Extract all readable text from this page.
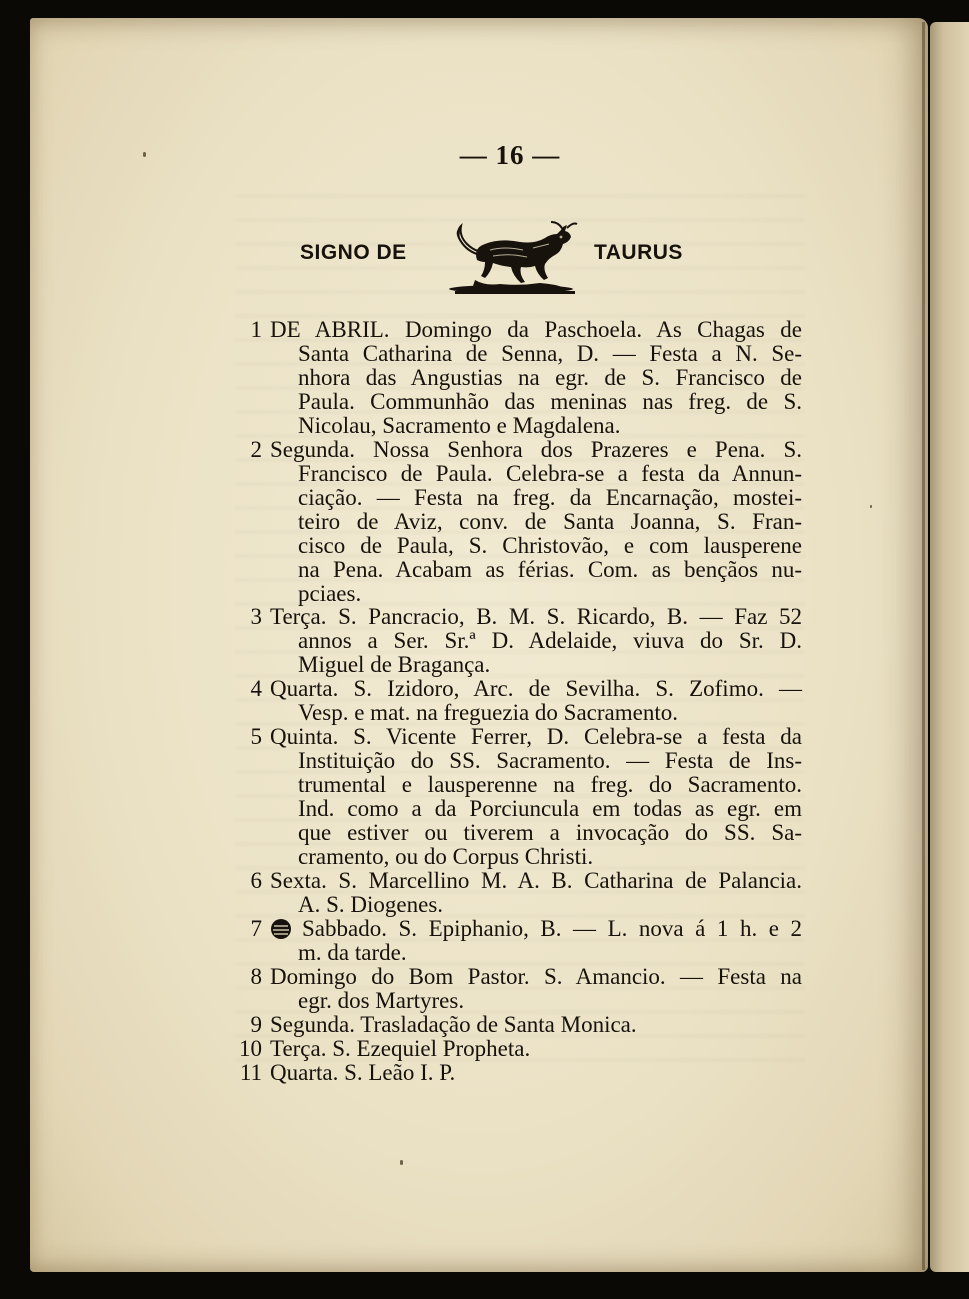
— 16 —
SIGNO DE	TAURUS
1 DE ABRIL. Domingo da Paschoela. As Chagas de
Santa Catharina de Senna, D. — Festa a N. Se-
nhora das Angustias na egr. de S. Francisco de
Paula. Communhão das meninas nas freg. de S.
Nicolau, Sacramento e Magdalena.
2 Segunda. Nossa Senhora dos Prazeres e Pena. S.
Francisco de Paula. Celebra-se a festa da Annun-
ciação. — Festa na freg. da Encarnação, mostei-
teiro de Aviz, conv. de Santa Joanna, S. Fran-
cisco de Paula, S. Christovão, e com lausperene
na Pena. Acabam as férias. Com. as bençãos nu-
pciaes.
3 Terça. S. Pancracio, B. M. S. Ricardo, B. — Faz 52
annos a Ser. Sr.ª D. Adelaide, viuva do Sr. D.
Miguel de Bragança.
4 Quarta. S. Izidoro, Arc. de Sevilha. S. Zofimo. —
Vesp. e mat. na freguezia do Sacramento.
5 Quinta. S. Vicente Ferrer, D. Celebra-se a festa da
Instituição do SS. Sacramento. — Festa de Ins-
trumental e lausperenne na freg. do Sacramento.
Ind. como a da Porciuncula em todas as egr. em
que estiver ou tiverem a invocação do SS. Sa-
cramento, ou do Corpus Christi.
6 Sexta. S. Marcellino M. A. B. Catharina de Palancia.
A. S. Diogenes.
7 Sabbado. S. Epiphanio, B. — L. nova á 1 h. e 2
m. da tarde.
8 Domingo do Bom Pastor. S. Amancio. — Festa na
egr. dos Martyres.
9 Segunda. Trasladação de Santa Monica.
10 Terça. S. Ezequiel Propheta.
11 Quarta. S. Leão I. P.
